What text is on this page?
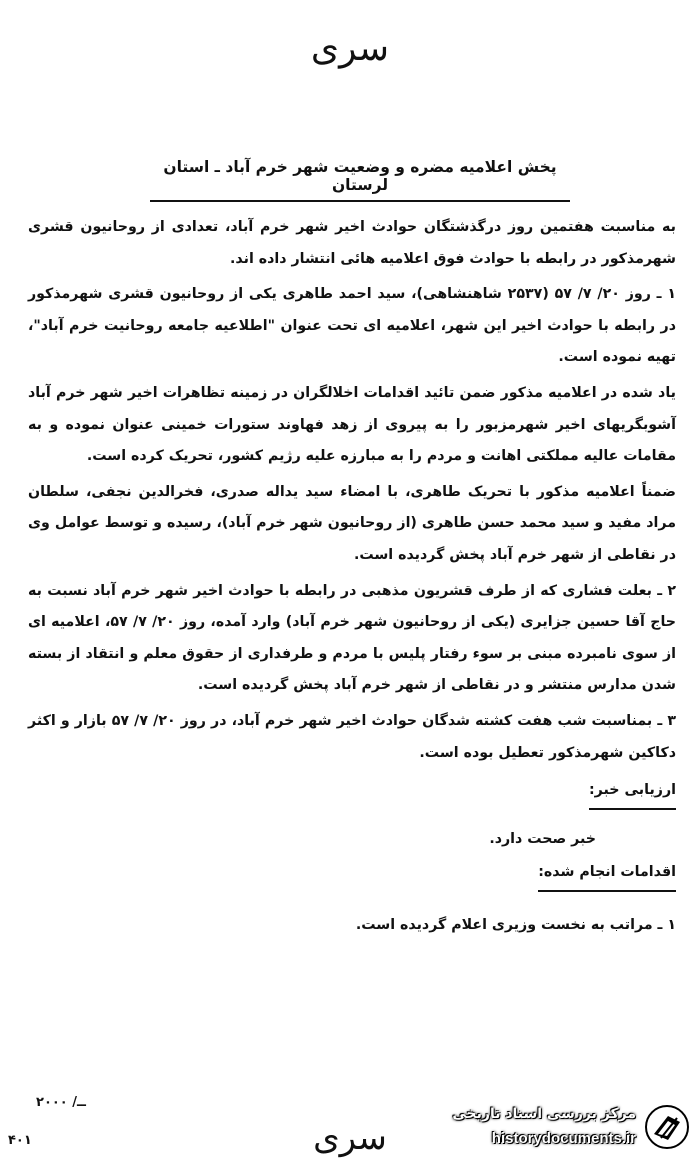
سری
پخش اعلامیه مضره و وضعیت شهر خرم آباد ـ استان لرستان

به مناسبت هفتمین روز درگذشتگان حوادث اخیر شهر خرم آباد، تعدادی از روحانیون قشری شهرمذکور در رابطه با حوادث فوق اعلامیه هائی انتشار داده اند.

۱ ـ روز ۲۰/ ۷/ ۵۷ (۲۵۳۷ شاهنشاهی)، سید احمد طاهری یکی از روحانیون قشری شهرمذکور در رابطه با حوادث اخیر این شهر، اعلامیه ای تحت عنوان "اطلاعیه جامعه روحانیت خرم آباد"، تهیه نموده است.

یاد شده در اعلامیه مذکور ضمن تائید اقدامات اخلالگران در زمینه تظاهرات اخیر شهر خرم آباد آشوبگریهای اخیر شهرمزبور را به پیروی از زهد فهاوند ستورات خمینی عنوان نموده و به مقامات عالیه مملکتی اهانت و مردم را به مبارزه علیه رژیم کشور، تحریک کرده است.

ضمناً اعلامیه مذکور با تحریک طاهری، با امضاء سید یداله صدری، فخرالدین نجفی، سلطان مراد مفید و سید محمد حسن طاهری (از روحانیون شهر خرم آباد)، رسیده و توسط عوامل وی در نقاطی از شهر خرم آباد پخش گردیده است.

۲ ـ بعلت فشاری که از طرف قشریون مذهبی در رابطه با حوادث اخیر شهر خرم آباد نسبت به حاج آقا حسین جزایری (یکی از روحانیون شهر خرم آباد) وارد آمده، روز ۲۰/ ۷/ ۵۷، اعلامیه ای از سوی نامبرده مبنی بر سوء رفتار پلیس با مردم و طرفداری از حقوق معلم و انتقاد از بسته شدن مدارس منتشر و در نقاطی از شهر خرم آباد پخش گردیده است.

۳ ـ بمناسبت شب هفت کشته شدگان حوادث اخیر شهر خرم آباد، در روز ۲۰/ ۷/ ۵۷ بازار و اکثر دکاکین شهرمذکور تعطیل بوده است.

ارزیابی خبر:

خبر صحت دارد.

اقدامات انجام شده:

۱ ـ مراتب به نخست وزیری اعلام گردیده است.

۲ــ/ ۰۰۰
۴۰۱	سری
مرکز بررسی اسناد تاریخی
historydocuments.ir
